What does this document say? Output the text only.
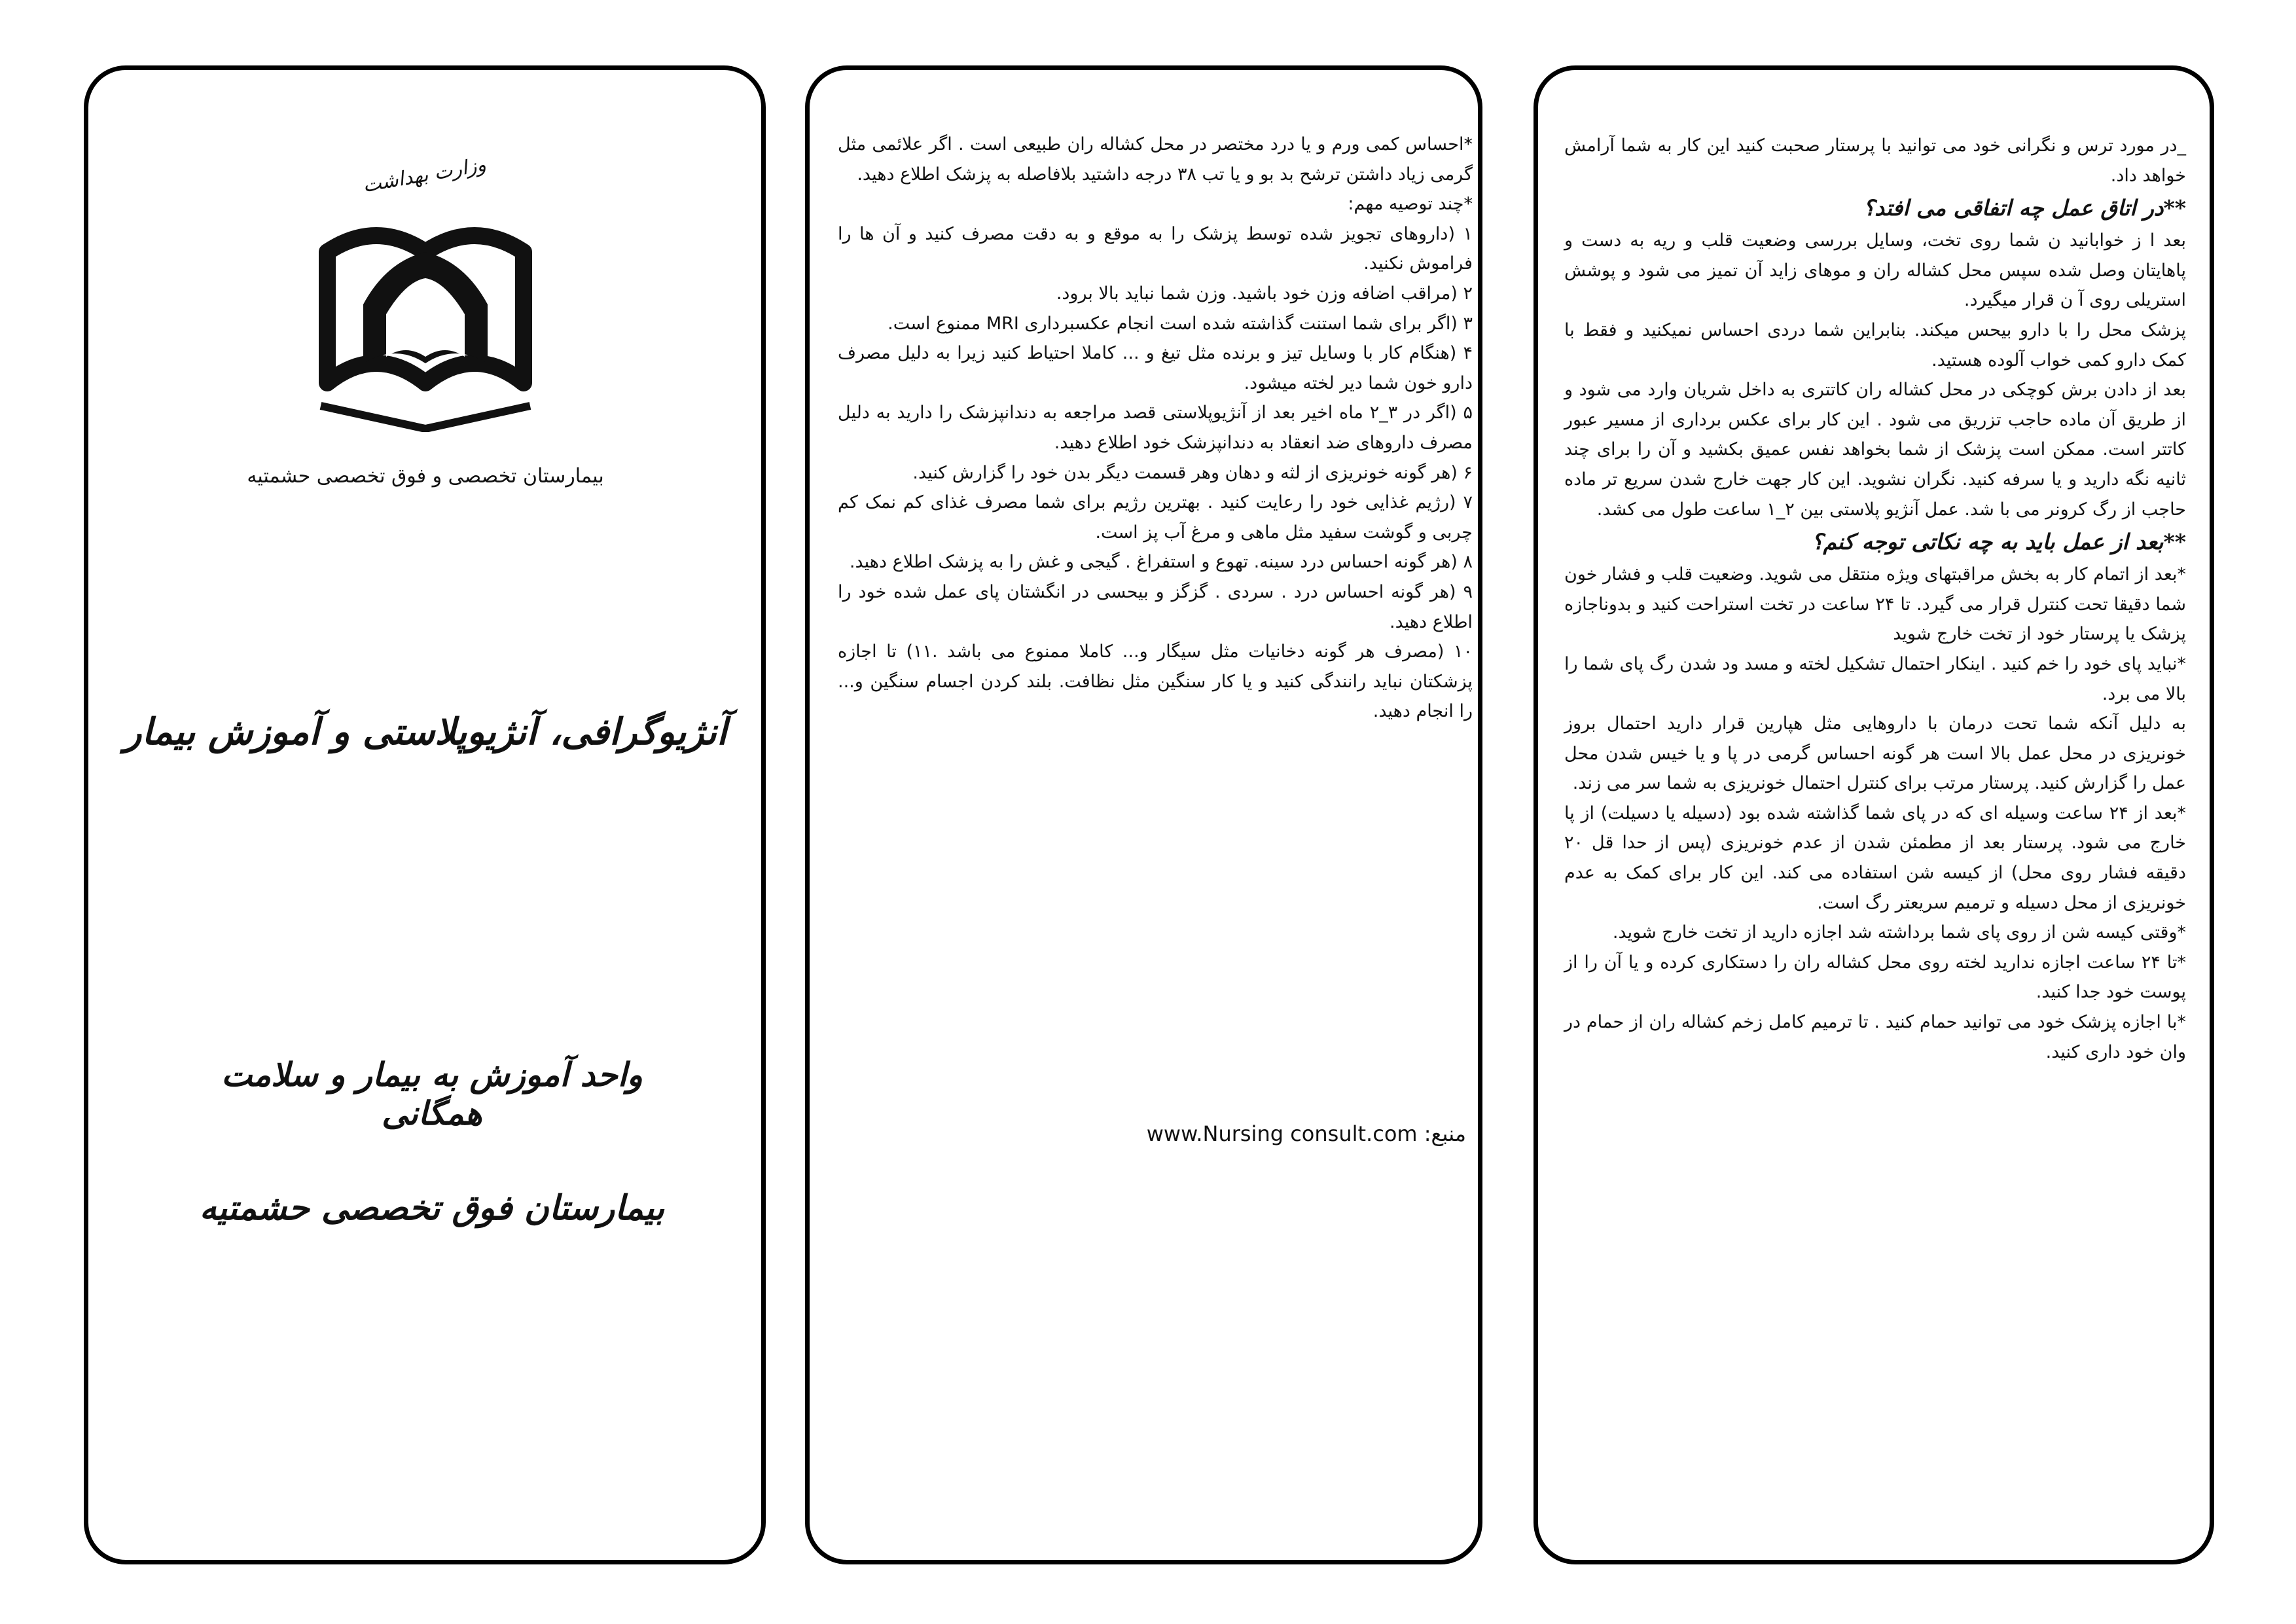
وزارت بهداشت
بیمارستان تخصصی و فوق تخصصی حشمتیه
آنژیوگرافی، آنژیوپلاستی و آموزش بیمار
واحد آموزش به بیمار و سلامت همگانی
بیمارستان فوق تخصصی حشمتیه

*احساس کمی ورم و یا درد مختصر در محل کشاله ران طبیعی است . اگر علائمی مثل گرمی زیاد داشتن ترشح بد بو و یا تب ۳۸ درجه داشتید بلافاصله به پزشک اطلاع دهید.

*چند توصیه مهم:

۱ (داروهای تجویز شده توسط پزشک را به موقع و به دقت مصرف کنید و آن ها را فراموش نکنید.

۲ (مراقب اضافه وزن خود باشید. وزن شما نباید بالا برود.

۳ (اگر برای شما استنت گذاشته شده است انجام عکسبرداری MRI ممنوع است.

۴ (هنگام کار با وسایل تیز و برنده مثل تیغ و ... کاملا احتیاط کنید زیرا به دلیل مصرف دارو خون شما دیر لخته میشود.

۵ (اگر در ۳_۲ ماه اخیر بعد از آنژیوپلاستی قصد مراجعه به دندانپزشک را دارید به دلیل مصرف داروهای ضد انعقاد به دندانپزشک خود اطلاع دهید.

۶ (هر گونه خونریزی از لثه و دهان وهر قسمت دیگر بدن خود را گزارش کنید.

۷ (رژیم غذایی خود را رعایت کنید . بهترین رژیم برای شما مصرف غذای کم نمک کم چربی و گوشت سفید مثل ماهی و مرغ آب پز است.

۸ (هر گونه احساس درد سینه. تهوع و استفراغ . گیجی و غش را به پزشک اطلاع دهید.

۹ (هر گونه احساس درد . سردی . گزگز و بیحسی در انگشتان پای عمل شده خود را اطلاع دهید.

۱۰ (مصرف هر گونه دخانیات مثل سیگار و... کاملا ممنوع می باشد .۱۱) تا اجازه پزشکتان نباید رانندگی کنید و یا کار سنگین مثل نظافت. بلند کردن اجسام سنگین و... را انجام دهید.

منبع: www.Nursing consult.com

_در مورد ترس و نگرانی خود می توانید با پرستار صحبت کنید این کار به شما آرامش خواهد داد.

**در اتاق عمل چه اتفاقی می افتد؟

بعد ا ز خوابانید ن شما روی تخت، وسایل بررسی وضعیت قلب و ریه به دست و پاهایتان وصل شده سپس محل کشاله ران و موهای زاید آن تمیز می شود و پوشش استریلی روی آ ن قرار میگیرد.

پزشک محل را با دارو بیحس میکند. بنابراین شما دردی احساس نمیکنید و فقط با کمک دارو کمی خواب آلوده هستید.

بعد از دادن برش کوچکی در محل کشاله ران کاتتری به داخل شریان وارد می شود و از طریق آن ماده حاجب تزریق می شود . این کار برای عکس برداری از مسیر عبور کاتتر است. ممکن است پزشک از شما بخواهد نفس عمیق بکشید و آن را برای چند ثانیه نگه دارید و یا سرفه کنید. نگران نشوید. این کار جهت خارج شدن سریع تر ماده حاجب از رگ کرونر می با شد. عمل آنژیو پلاستی بین ۲_۱ ساعت طول می کشد.

**بعد از عمل باید به چه نکاتی توجه کنم؟

*بعد از اتمام کار به بخش مراقبتهای ویژه منتقل می شوید. وضعیت قلب و فشار خون شما دقیقا تحت کنترل قرار می گیرد. تا ۲۴ ساعت در تخت استراحت کنید و بدوناجازه پزشک یا پرستار خود از تخت خارج شوید

*نباید پای خود را خم کنید . اینکار احتمال تشکیل لخته و مسد ود شدن رگ پای شما را بالا می برد.

به دلیل آنکه شما تحت درمان با داروهایی مثل هپارین قرار دارید احتمال بروز خونریزی در محل عمل بالا است هر گونه احساس گرمی در پا و یا خیس شدن محل عمل را گزارش کنید. پرستار مرتب برای کنترل احتمال خونریزی به شما سر می زند.

*بعد از ۲۴ ساعت وسیله ای که در پای شما گذاشته شده بود (دسیله یا دسیلت) از پا خارج می شود. پرستار بعد از مطمئن شدن از عدم خونریزی (پس از حدا قل ۲۰ دقیقه فشار روی محل) از کیسه شن استفاده می کند. این کار برای کمک به عدم خونریزی از محل دسیله و ترمیم سریعتر رگ است.

*وقتی کیسه شن از روی پای شما برداشته شد اجازه دارید از تخت خارج شوید.

*تا ۲۴ ساعت اجازه ندارید لخته روی محل کشاله ران را دستکاری کرده و یا آن را از پوست خود جدا کنید.

*با اجازه پزشک خود می توانید حمام کنید . تا ترمیم کامل زخم کشاله ران از حمام در وان خود داری کنید.
